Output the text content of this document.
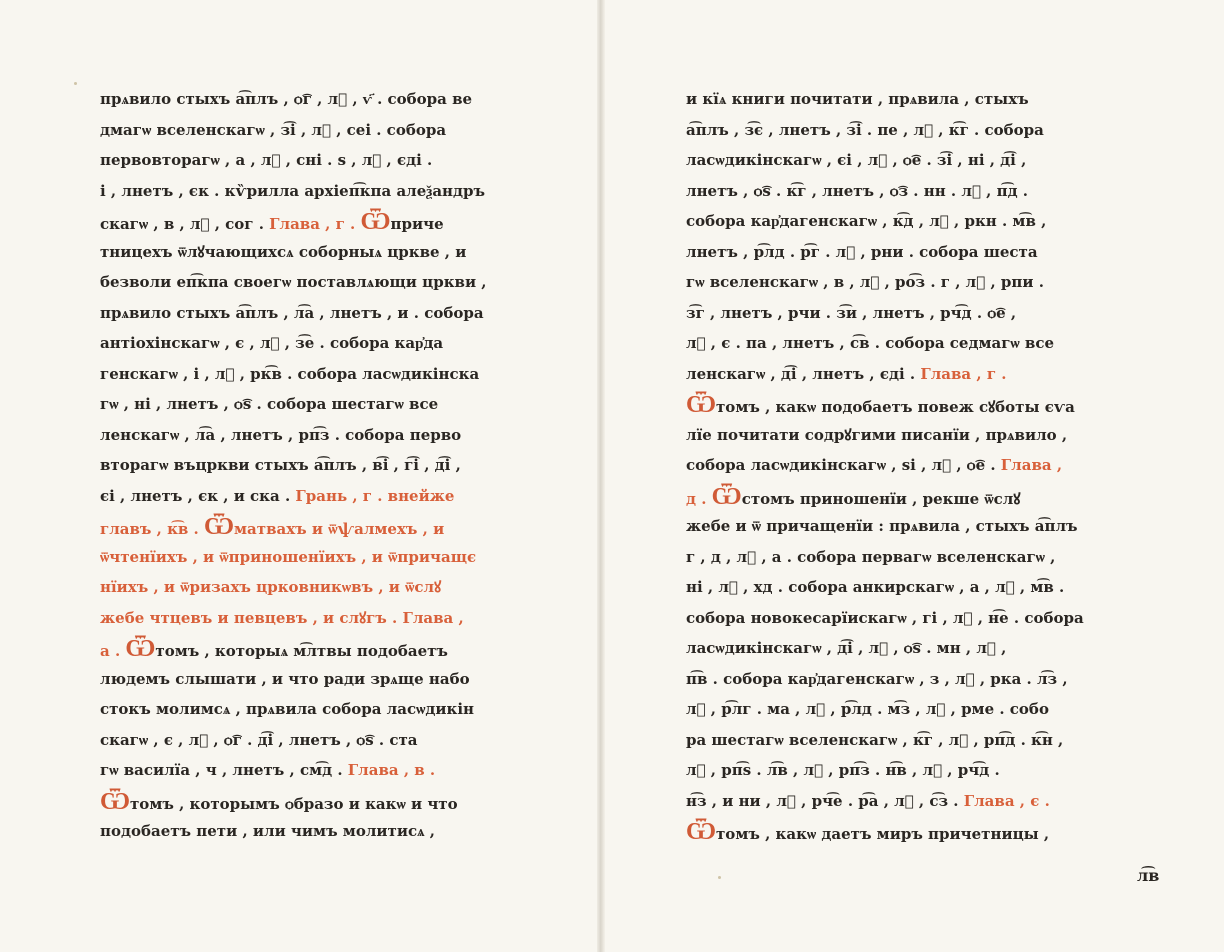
прѧвило стыхъ а͡плъ , ѻ͡г , лⷯ , ѵ҃ . собора ве
дмагѡ вселенскагѡ , з͡і , лⷯ , сеі . собора
первовторагѡ , а , лⷯ , сні . ѕ , лⷯ , єді .
і , лнетъ , єк . кѷрилла архіеп͡кпа алеѯандръ
скагѡ , в , лⷯ , сог . Глава , г . Ѿприче
тницехъ ѿлꙋчающихсѧ соборныѧ цркве , и
безволи еп͡кпа своегѡ поставлѧющи цркви ,
прѧвило стыхъ а͡плъ , л͡а , лнетъ , и . собора
антіохінскагѡ , є , лⷯ , з͡е . собора кар҆да
генскагѡ , і , лⷯ , рк͡в . собора ласѡдикінска
гѡ , ні , лнетъ , ѻ͡ѕ . собора шестагѡ все
ленскагѡ , л͡а , лнетъ , рп͡з . собора перво
вторагѡ въцркви стыхъ а͡плъ , в͡і , г͡і , д͡і ,
єі , лнетъ , єк , и ска . Грань , г . внейже
главъ , к͡в . Ѿматвахъ и ѿѱалмехъ , и
ѿчтенїихъ , и ѿприношенїихъ , и ѿпричащє
нїихъ , и ѿризахъ црковникѡвъ , и ѿслꙋ
жебе чтцевъ и певцевъ , и слꙋгъ . Глава ,
а . Ѿтомъ , которыѧ м͡лтвы подобаетъ
людемъ слышати , и что ради зрѧще набо
стокъ молимсѧ , прѧвила собора ласѡдикін
скагѡ , є , лⷯ , ѻ͡г . д͡і , лнетъ , ѻ͡ѕ . ста
гѡ василїа , ч , лнетъ , см͡д . Глава , в .
Ѿтомъ , которымъ ѻбразо и какѡ и что
подобаетъ пети , или чимъ молитисѧ ,
и кїѧ книги почитати , прѧвила , стыхъ
а͡плъ , з͡є , лнетъ , з͡і . пе , лⷯ , к͡г . собора
ласѡдикінскагѡ , єі , лⷯ , ѻ͡е . з͡і , ні , д͡і ,
лнетъ , ѻ͡ѕ . к͡г , лнетъ , ѻ͡з . нн . лⷯ , п͡д .
собора кар҆дагенскагѡ , к͡д , лⷯ , ркн . м͡в ,
лнетъ , р͡лд . р͡г . лⷯ , рни . собора шеста
гѡ вселенскагѡ , в , лⷯ , ро͡з . г , лⷯ , рпи .
з͡г , лнетъ , рчи . з͡и , лнетъ , рч͡д . ѻ͡е ,
лⷯ , є . па , лнетъ , с͡в . собора седмагѡ все
ленскагѡ , д͡і , лнетъ , єді . Глава , г .
Ѿтомъ , какѡ подобаетъ повеж сꙋботы єѵа
лїе почитати содрꙋгими писанїи , прѧвило ,
собора ласѡдикінскагѡ , ѕі , лⷯ , ѻ͡е . Глава ,
д . Ѿстомъ приношенїи , рекше ѿслꙋ
жебе и ѿ причащенїи : прѧвила , стыхъ а͡плъ
г , д , лⷯ , а . собора первагѡ вселенскагѡ ,
ні , лⷯ , хд . собора анкирскагѡ , а , лⷯ , м͡в .
собора новокесарїискагѡ , гі , лⷯ , н͡е . собора
ласѡдикінскагѡ , д͡і , лⷯ , ѻ͡ѕ . мн , лⷯ ,
п͡в . собора кар҆дагенскагѡ , з , лⷯ , рка . л͡з ,
лⷯ , р͡лг . ма , лⷯ , р͡лд . м͡з , лⷯ , рме . собо
ра шестагѡ вселенскагѡ , к͡г , лⷯ , рп͡д . к͡н ,
лⷯ , рп͡ѕ . л͡в , лⷯ , рп͡з . н͡в , лⷯ , рч͡д .
н͡з , и ни , лⷯ , рч͡е . р͡а , лⷯ , с͡з . Глава , є .
Ѿтомъ , какѡ даетъ миръ причетницы ,
л͡в
